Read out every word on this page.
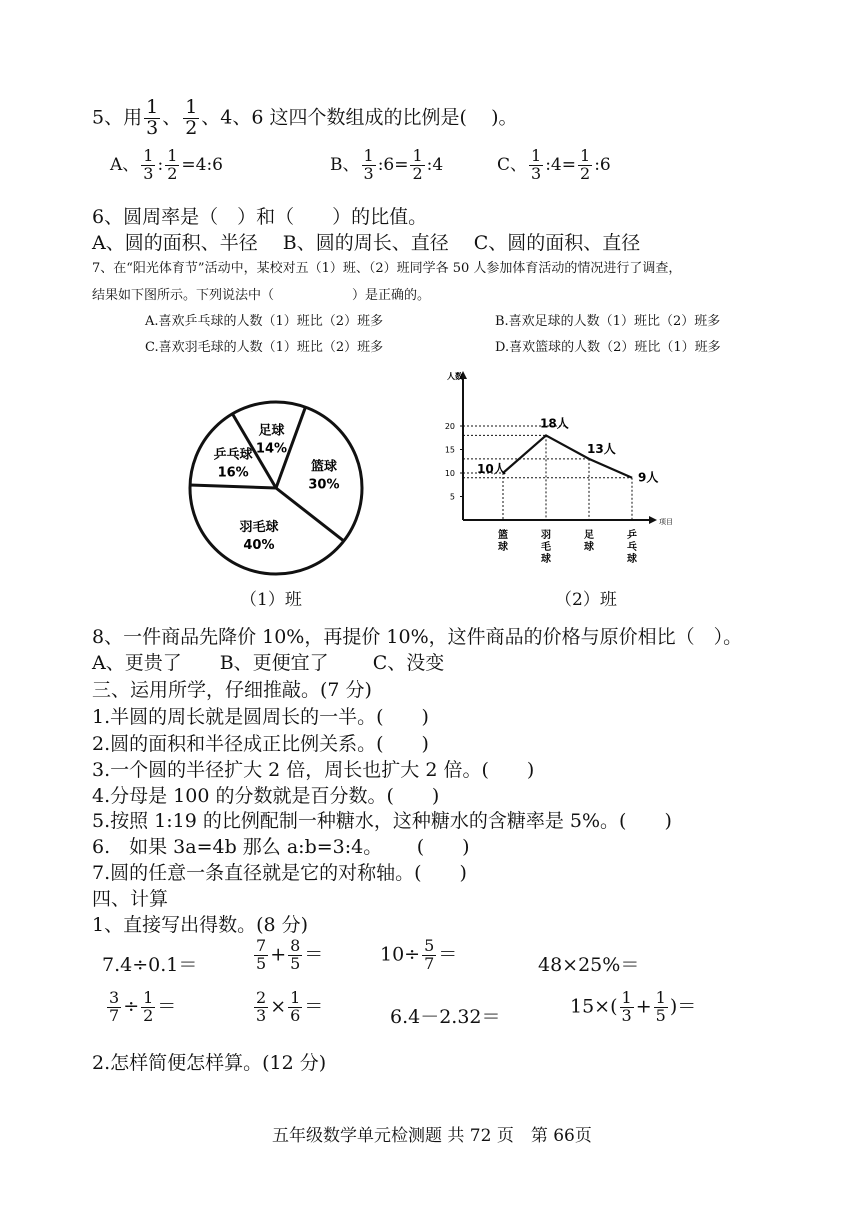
5、用 $\frac{1}{3}$ 、 $\frac{1}{2}$ 、4、6 这四个数组成的比例是( )。
A、 $\frac{1}{3}$ : $\frac{1}{2}$ =4:6	B、 $\frac{1}{3}$ :6= $\frac{1}{2}$ :4	C、 $\frac{1}{3}$ :4= $\frac{1}{2}$ :6
6、圆周率是（　）和（　　）的比值。
A、圆的面积、半径　 B、圆的周长、直径　 C、圆的面积、直径
7、在“阳光体育节”活动中，某校对五（1）班、（2）班同学各 50 人参加体育活动的情况进行了调查，
结果如下图所示。下列说法中（　　　　　　）是正确的。
A.喜欢乒乓球的人数（1）班比（2）班多	B.喜欢足球的人数（1）班比（2）班多
C.喜欢羽毛球的人数（1）班比（2）班多	D.喜欢篮球的人数（2）班比（1）班多
篮球
30%
羽毛球
40%
乒乓球
16%
足球
14%
（1）班
人数
项目
5
10
15
20
10人
18人
13人
9人
篮
球
羽
毛
球
足
球
乒
乓
球
（2）班
8、一件商品先降价 10%，再提价 10%，这件商品的价格与原价相比（　）。
A、更贵了　　B、更便宜了　　 C、没变
三、运用所学，仔细推敲。(7 分)
1.半圆的周长就是圆周长的一半。(　　)
2.圆的面积和半径成正比例关系。(　　)
3.一个圆的半径扩大 2 倍，周长也扩大 2 倍。(　　)
4.分母是 100 的分数就是百分数。(　　)
5.按照 1:19 的比例配制一种糖水，这种糖水的含糖率是 5%。(　　)
6.　如果 3a=4b 那么 a:b=3:4。　　 (　　)
7.圆的任意一条直径就是它的对称轴。(　　)
四、计算
1、直接写出得数。(8 分)
7.4÷0.1＝	$\frac{7}{5} + \frac{8}{5}$ ＝	$10\div \frac{5}{7}$ ＝	48×25%＝
$\frac{3}{7} \div \frac{1}{2}$ ＝	$\frac{2}{3} \times \frac{1}{6}$ ＝	6.4－2.32＝	$15\times( \frac{1}{3} + \frac{1}{5}$ )＝
2.怎样简便怎样算。(12 分)
五年级数学单元检测题 共 72 页　第 66页
